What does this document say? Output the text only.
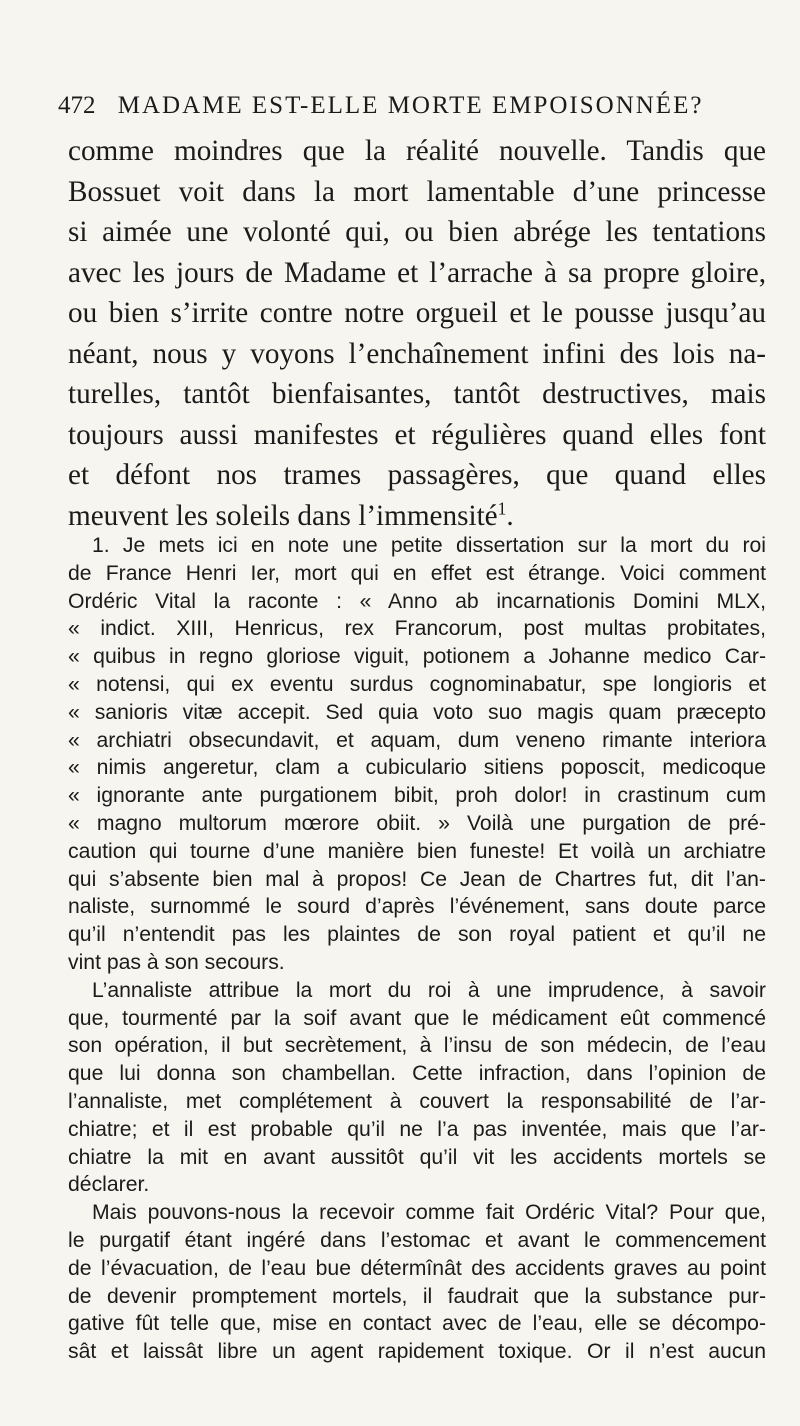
472 MADAME EST-ELLE MORTE EMPOISONNÉE?
comme moindres que la réalité nouvelle. Tandis que
Bossuet voit dans la mort lamentable d’une princesse
si aimée une volonté qui, ou bien abrége les tentations
avec les jours de Madame et l’arrache à sa propre gloire,
ou bien s’irrite contre notre orgueil et le pousse jusqu’au
néant, nous y voyons l’enchaînement infini des lois na-
turelles, tantôt bienfaisantes, tantôt destructives, mais
toujours aussi manifestes et régulières quand elles font
et défont nos trames passagères, que quand elles
meuvent les soleils dans l’immensité$^1$.
1. Je mets ici en note une petite dissertation sur la mort du roi
de France Henri Ier, mort qui en effet est étrange. Voici comment
Ordéric Vital la raconte : « Anno ab incarnationis Domini MLX,
« indict. XIII, Henricus, rex Francorum, post multas probitates,
« quibus in regno gloriose viguit, potionem a Johanne medico Car-
« notensi, qui ex eventu surdus cognominabatur, spe longioris et
« sanioris vitæ accepit. Sed quia voto suo magis quam præcepto
« archiatri obsecundavit, et aquam, dum veneno rimante interiora
« nimis angeretur, clam a cubiculario sitiens poposcit, medicoque
« ignorante ante purgationem bibit, proh dolor! in crastinum cum
« magno multorum mœrore obiit. » Voilà une purgation de pré-
caution qui tourne d’une manière bien funeste! Et voilà un archiatre
qui s’absente bien mal à propos! Ce Jean de Chartres fut, dit l’an-
naliste, surnommé le sourd d’après l’événement, sans doute parce
qu’il n’entendit pas les plaintes de son royal patient et qu’il ne
vint pas à son secours.
L’annaliste attribue la mort du roi à une imprudence, à savoir
que, tourmenté par la soif avant que le médicament eût commencé
son opération, il but secrètement, à l’insu de son médecin, de l’eau
que lui donna son chambellan. Cette infraction, dans l’opinion de
l’annaliste, met complétement à couvert la responsabilité de l’ar-
chiatre; et il est probable qu’il ne l’a pas inventée, mais que l’ar-
chiatre la mit en avant aussitôt qu’il vit les accidents mortels se
déclarer.
Mais pouvons-nous la recevoir comme fait Ordéric Vital? Pour que,
le purgatif étant ingéré dans l’estomac et avant le commencement
de l’évacuation, de l’eau bue détermînât des accidents graves au point
de devenir promptement mortels, il faudrait que la substance pur-
gative fût telle que, mise en contact avec de l’eau, elle se décompo-
sât et laissât libre un agent rapidement toxique. Or il n’est aucun
